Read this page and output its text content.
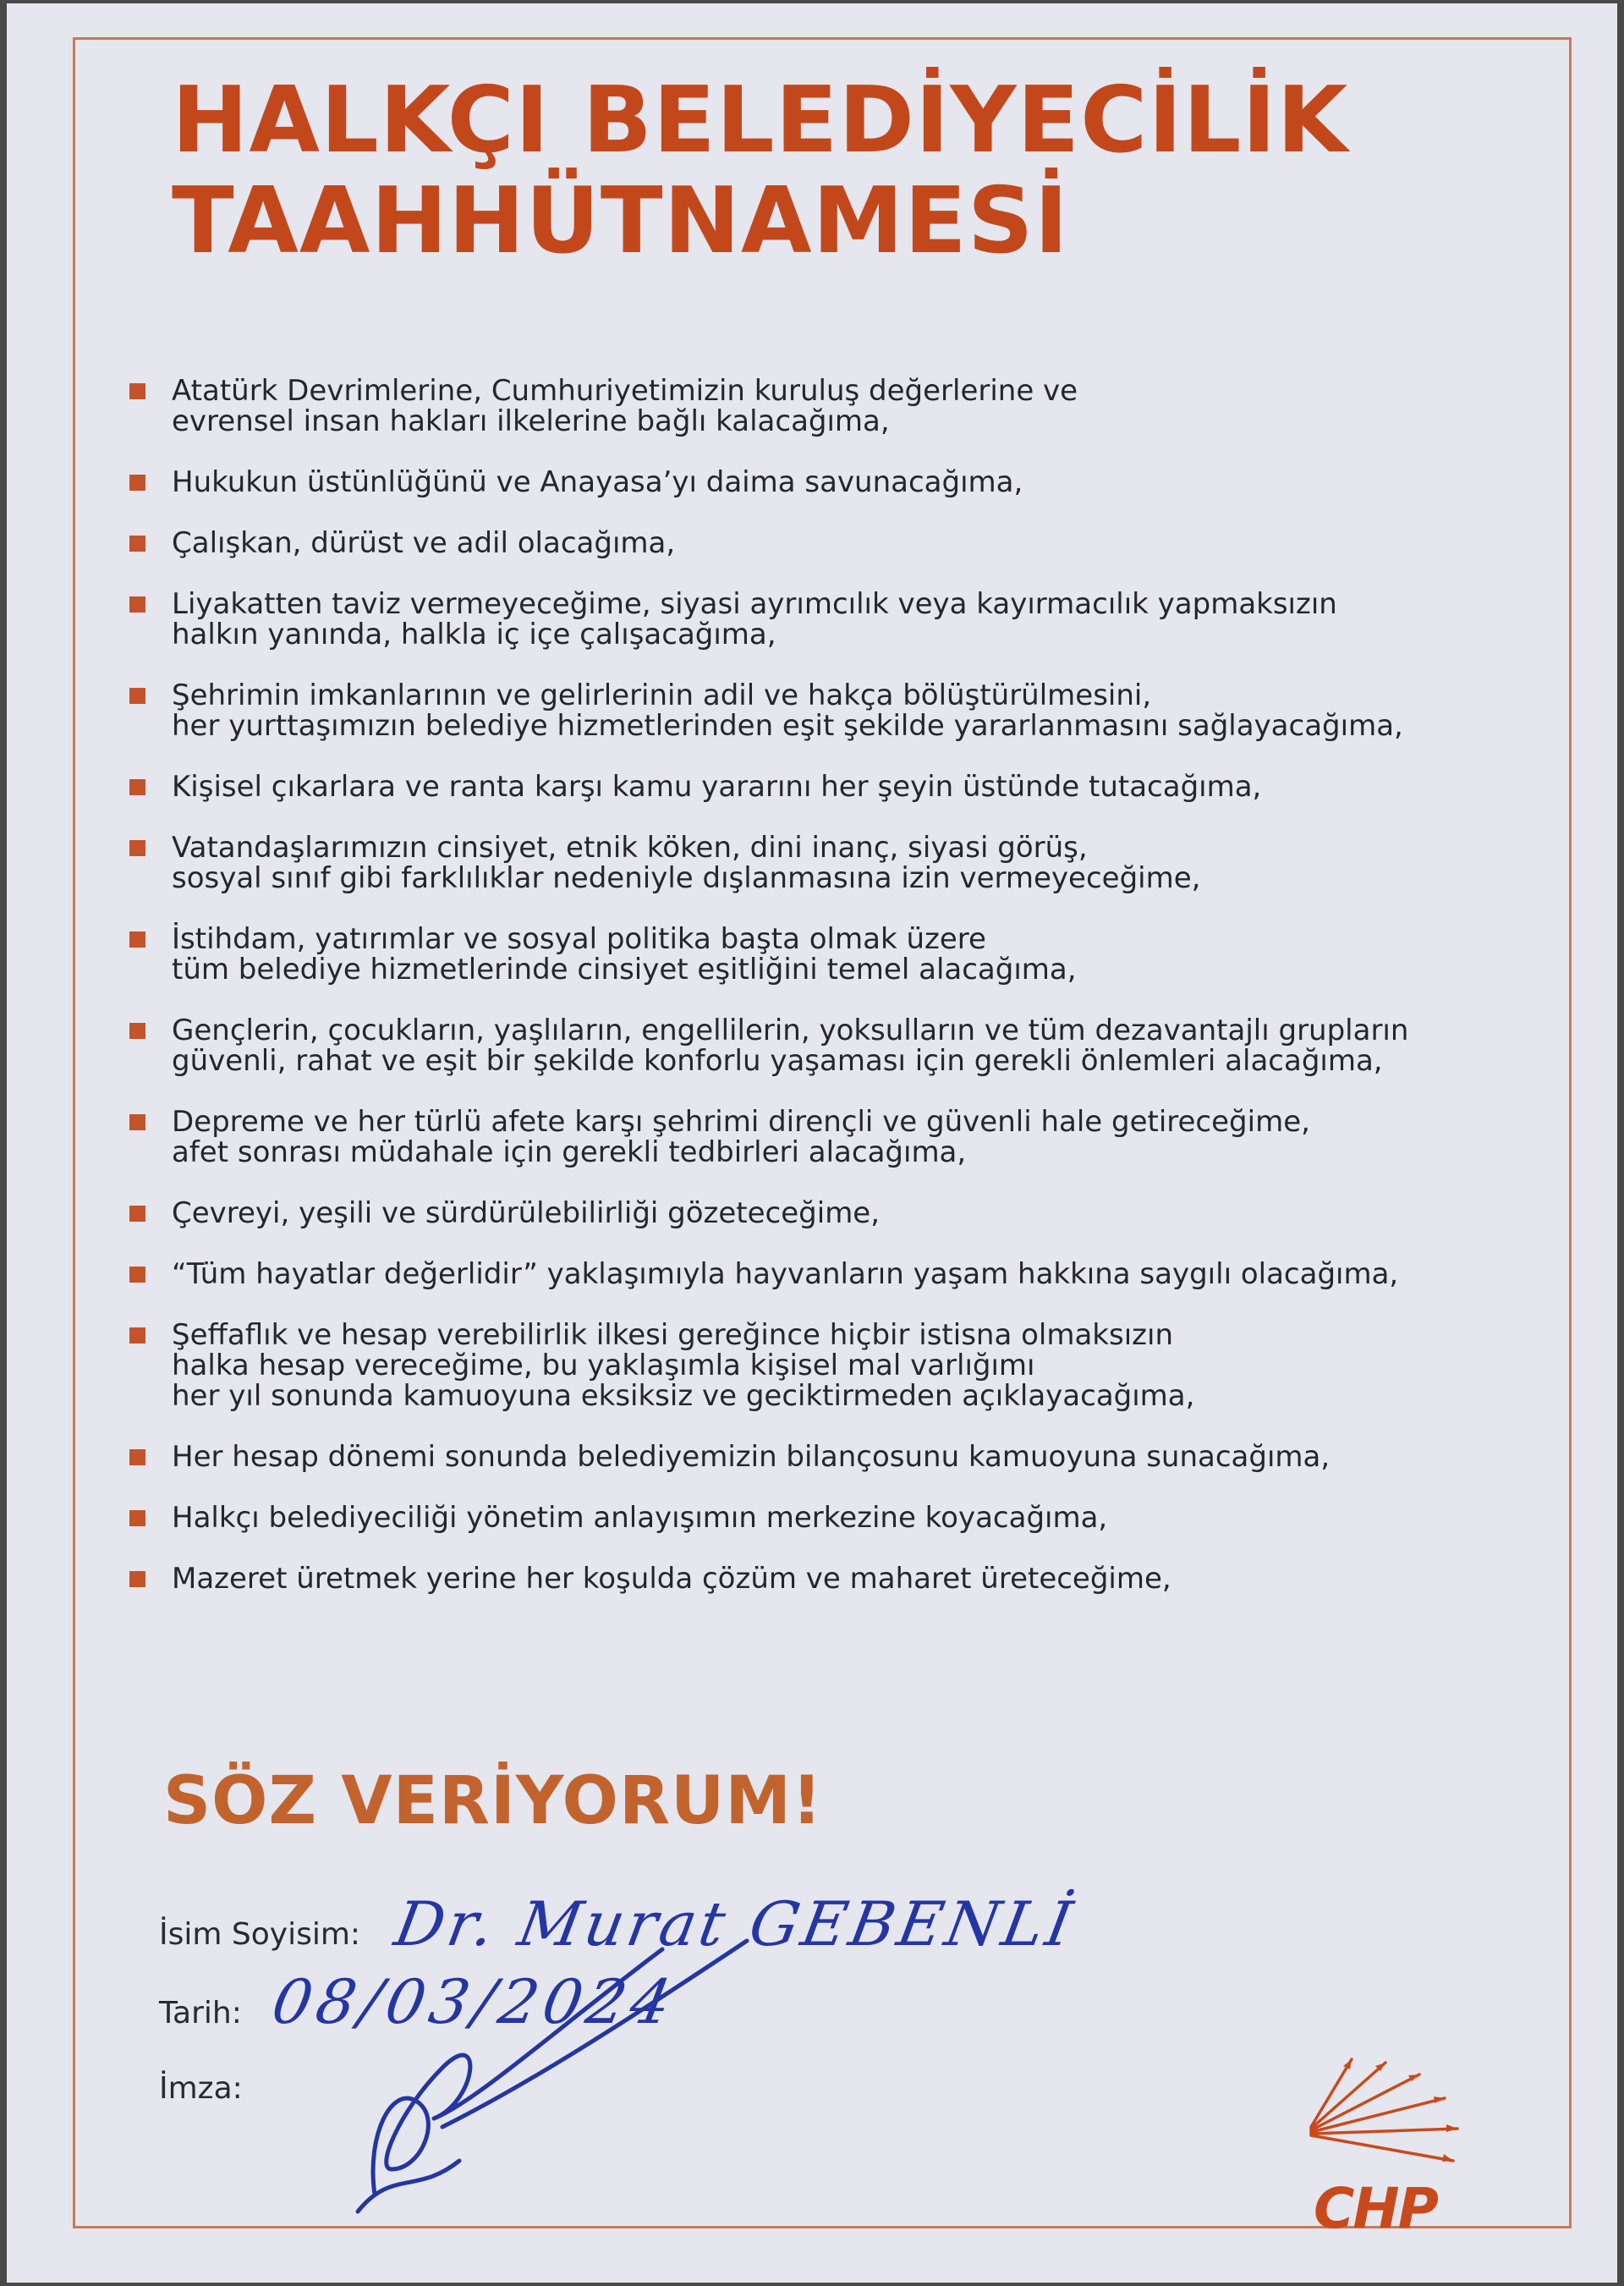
HALKÇI BELEDİYECİLİK
TAAHHÜTNAMESİ
Atatürk Devrimlerine, Cumhuriyetimizin kuruluş değerlerine ve
evrensel insan hakları ilkelerine bağlı kalacağıma,
Hukukun üstünlüğünü ve Anayasa’yı daima savunacağıma,
Çalışkan, dürüst ve adil olacağıma,
Liyakatten taviz vermeyeceğime, siyasi ayrımcılık veya kayırmacılık yapmaksızın
halkın yanında, halkla iç içe çalışacağıma,
Şehrimin imkanlarının ve gelirlerinin adil ve hakça bölüştürülmesini,
her yurttaşımızın belediye hizmetlerinden eşit şekilde yararlanmasını sağlayacağıma,
Kişisel çıkarlara ve ranta karşı kamu yararını her şeyin üstünde tutacağıma,
Vatandaşlarımızın cinsiyet, etnik köken, dini inanç, siyasi görüş,
sosyal sınıf gibi farklılıklar nedeniyle dışlanmasına izin vermeyeceğime,
İstihdam, yatırımlar ve sosyal politika başta olmak üzere
tüm belediye hizmetlerinde cinsiyet eşitliğini temel alacağıma,
Gençlerin, çocukların, yaşlıların, engellilerin, yoksulların ve tüm dezavantajlı grupların
güvenli, rahat ve eşit bir şekilde konforlu yaşaması için gerekli önlemleri alacağıma,
Depreme ve her türlü afete karşı şehrimi dirençli ve güvenli hale getireceğime,
afet sonrası müdahale için gerekli tedbirleri alacağıma,
Çevreyi, yeşili ve sürdürülebilirliği gözeteceğime,
“Tüm hayatlar değerlidir” yaklaşımıyla hayvanların yaşam hakkına saygılı olacağıma,
Şeffaflık ve hesap verebilirlik ilkesi gereğince hiçbir istisna olmaksızın
halka hesap vereceğime, bu yaklaşımla kişisel mal varlığımı
her yıl sonunda kamuoyuna eksiksiz ve geciktirmeden açıklayacağıma,
Her hesap dönemi sonunda belediyemizin bilançosunu kamuoyuna sunacağıma,
Halkçı belediyeciliği yönetim anlayışımın merkezine koyacağıma,
Mazeret üretmek yerine her koşulda çözüm ve maharet üreteceğime,
SÖZ VERİYORUM!
İsim Soyisim: Dr. Murat GEBENLİ
Tarih: 08/03/2024
İmza:
CHP
